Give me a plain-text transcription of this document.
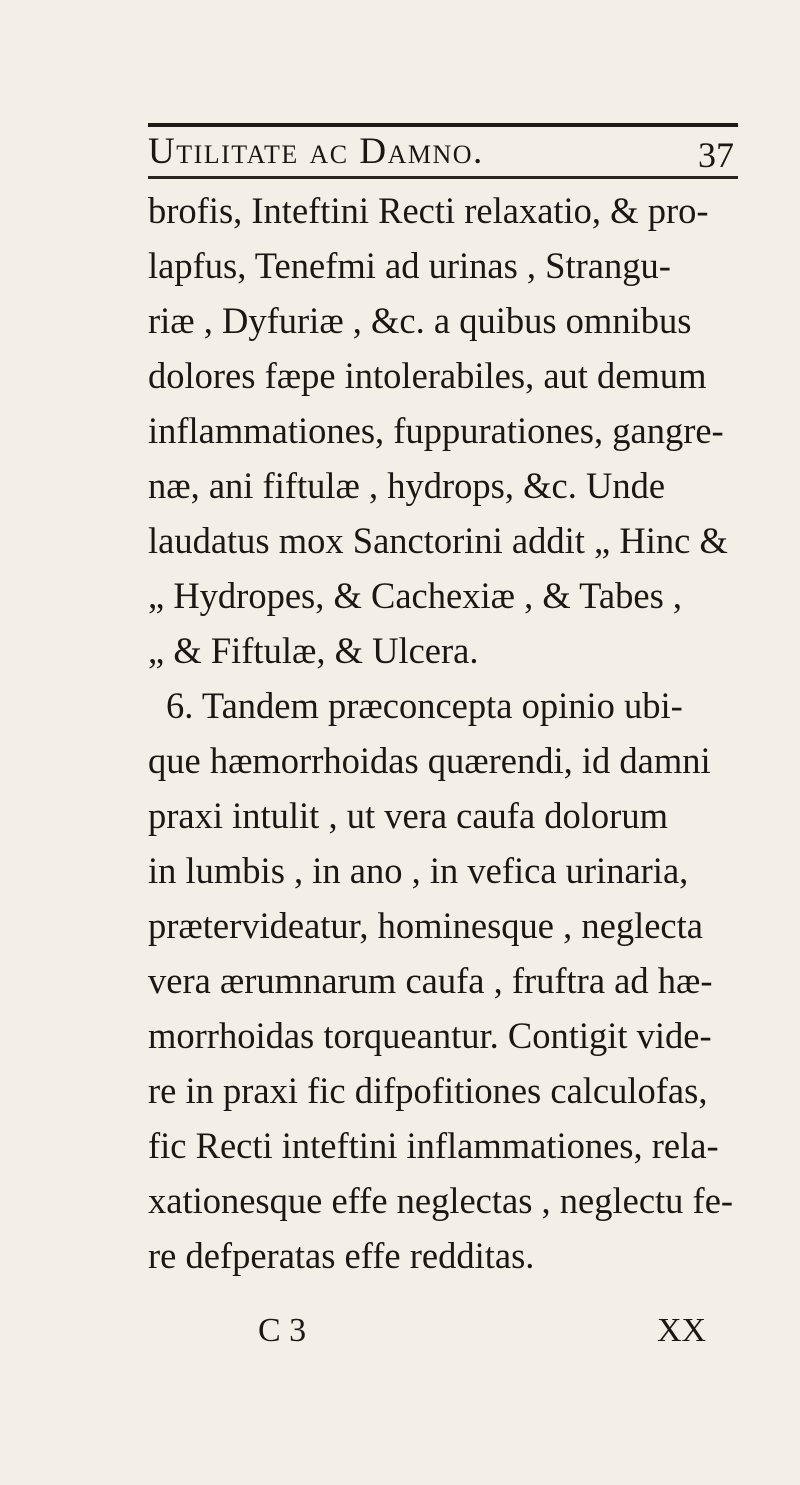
Utilitate ac Damno.	37
brofis, Inteftini Recti relaxatio, & pro-
lapfus, Tenefmi ad urinas , Strangu-
riæ , Dyfuriæ , &c. a quibus omnibus
dolores fæpe intolerabiles, aut demum
inflammationes, fuppurationes, gangre-
næ, ani fiftulæ , hydrops, &c. Unde
laudatus mox Sanctorini addit „ Hinc &
„ Hydropes, & Cachexiæ , & Tabes ,
„ & Fiftulæ, & Ulcera.
6. Tandem præconcepta opinio ubi-
que hæmorrhoidas quærendi, id damni
praxi intulit , ut vera caufa dolorum
in lumbis , in ano , in vefica urinaria,
prætervideatur, hominesque , neglecta
vera ærumnarum caufa , fruftra ad hæ-
morrhoidas torqueantur. Contigit vide-
re in praxi fic difpofitiones calculofas,
fic Recti inteftini inflammationes, rela-
xationesque effe neglectas , neglectu fe-
re defperatas effe redditas.
C 3	XX
